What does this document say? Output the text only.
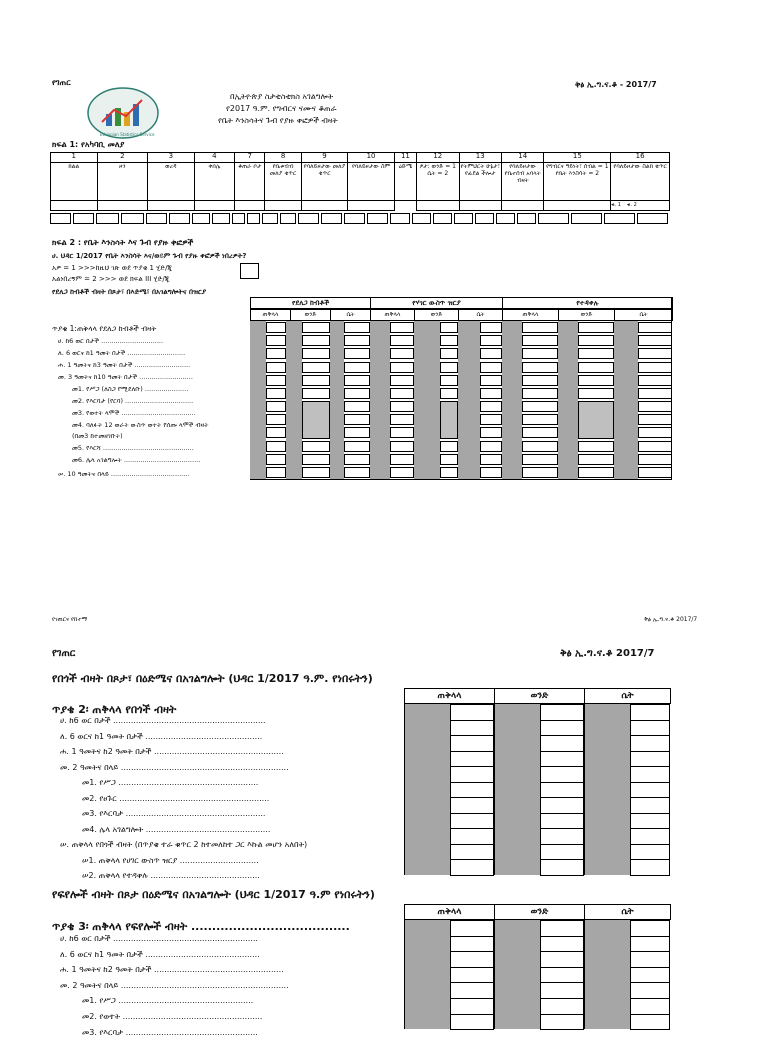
የገጠር	ቅፅ ኢ.ግ.ና.ቆ - 2017/7
Ethiopian Statistics Service
በኢትዮጵያ ስታቲስቲክስ አገልግሎት
የ2017 ዓ.ም. የግብርና ናሙና ቆጠራ
የቤት እንስሳትና ጉብ የያዙ ቀፎዎች ብዛት
ክፍል 1: የአካባቢ መለያ
1	2	3	4	7	8	9	10	11	12	13	14	15	16
ክልል	ዞን	ወረዳ	ቀበሌ	ቆጠራ ቦታ	የቤቱብብ መለያ ቁጥር	የባለይዞታው መለያ ቁጥር	የባለይዞታው ስም	ዕድሜ	ፆታ: ወንድ = 1 ሴት = 2	የትምህርት ሁኔታ፣ የፊደል ችሎታ	የባለይዞታው የቤተሰብ አባላት ብዛት	የግብርና ዓይነት፣ ሰብል = 1 የቤት እንስሳት = 2	የባለይዞታው ስልክ ቁጥር
													ቁ. 1 ቁ. 2
ክፍል 2 : የቤት እንስሳት እና ጉብ የያዙ ቀፎዎች
ሀ. ህዳር 1/2017 የቤት እንስሳት እና/ወይም ጉብ የያዙ ቀፎዎች ነበረዎት?
አዎ = 1 >>>ከዚህ ገጽ ወደ ጥያቄ 1 ሂድ/ጂ
አልነበረኝም = 2 >>> ወደ ክፍል III ሂድ/ጂ
የደለጋ ከብቶች ብዛት በጾታ፣ በእድሜ፣ በአገልግሎትና በዝርያ
የደለጋ ከብቶች	የሃገር ውስጥ ዝርያ	የተዳቀሉ
ጠቅላላ	ወንድ	ሴት	ጠቅላላ	ወንድ	ሴት	ጠቅላላ	ወንድ	ሴት
ጥያቄ 1:ጠቅላላ የደለጋ ከብቶች ብዛት
ሀ. ከ6 ወር በታች ..............................
ለ. 6 ወርና ከ1 ዓመት በታች ............................
ሐ. 1 ዓመትና ከ3 ዓመት በታች ...........................
መ. 3 ዓመትና ከ10 ዓመት በታች ..........................
መ1. የሥጋ (ለስጋ የሚደለቡ) .....................
መ2. የእርባታ (የርባ) .................................
መ3. የወተት ላሞች ....................................
መ4. ባለፉት 12 ወራት ውስጥ ወተት የሰጡ ላሞች ብዛት
(በመ3 ከተመዘገቡት)
መ5. የእርሻ ............................................
መ6. ሌላ አገልግሎት .....................................
ሠ. 10 ዓመትና በላይ ......................................
የገጠርና የከተማ	ቅፅ ኢ.ግ.ና.ቆ 2017/7
የገጠር	ቅፅ ኢ.ግ.ና.ቆ 2017/7
የበጎች ብዛት በጾታ፣ በዕድሜና በአገልግሎት (ህዳር 1/2017 ዓ.ም. የነበሩትን)
ጥያቄ 2፡ ጠቅላላ የበጎች ብዛት
ጠቅላላ	ወንድ	ሴት
ሀ. ከ6 ወር በታች ............................................................
ለ. 6 ወርና ከ1 ዓመት በታች ..............................................
ሐ. 1 ዓመትና ከ2 ዓመት በታች ...................................................
መ. 2 ዓመትና በላይ ..................................................................
መ1. የሥጋ .......................................................
መ2. የፀጉር ...........................................................
መ3. የእርባታ .......................................................
መ4. ሌላ አገልግሎት .................................................
ሠ. ጠቅላላ የበጎች ብዛት (በጥያቄ ተራ ቁጥር 2 ከተመለከተ ጋር እኩል መሆን አለበት)
ሠ1. ጠቅላላ የሀገር ውስጥ ዝርያ ...............................
ሠ2. ጠቅላላ የተዳቀሉ ...........................................
የፍየሎች ብዛት በጾታ በዕድሜና በአገልግሎት (ህዳር 1/2017 ዓ.ም የነበሩትን)
ጥያቄ 3፡ ጠቅላላ የፍየሎች ብዛት ......................................
ጠቅላላ	ወንድ	ሴት
ሀ. ከ6 ወር በታች .........................................................
ለ. 6 ወርና ከ1 ዓመት በታች .............................................
ሐ. 1 ዓመትና ከ2 ዓመት በታች ...................................................
መ. 2 ዓመትና በላይ ..................................................................
መ1. የሥጋ .....................................................
መ2. የወተት .......................................................
መ3. የእርባታ ....................................................
